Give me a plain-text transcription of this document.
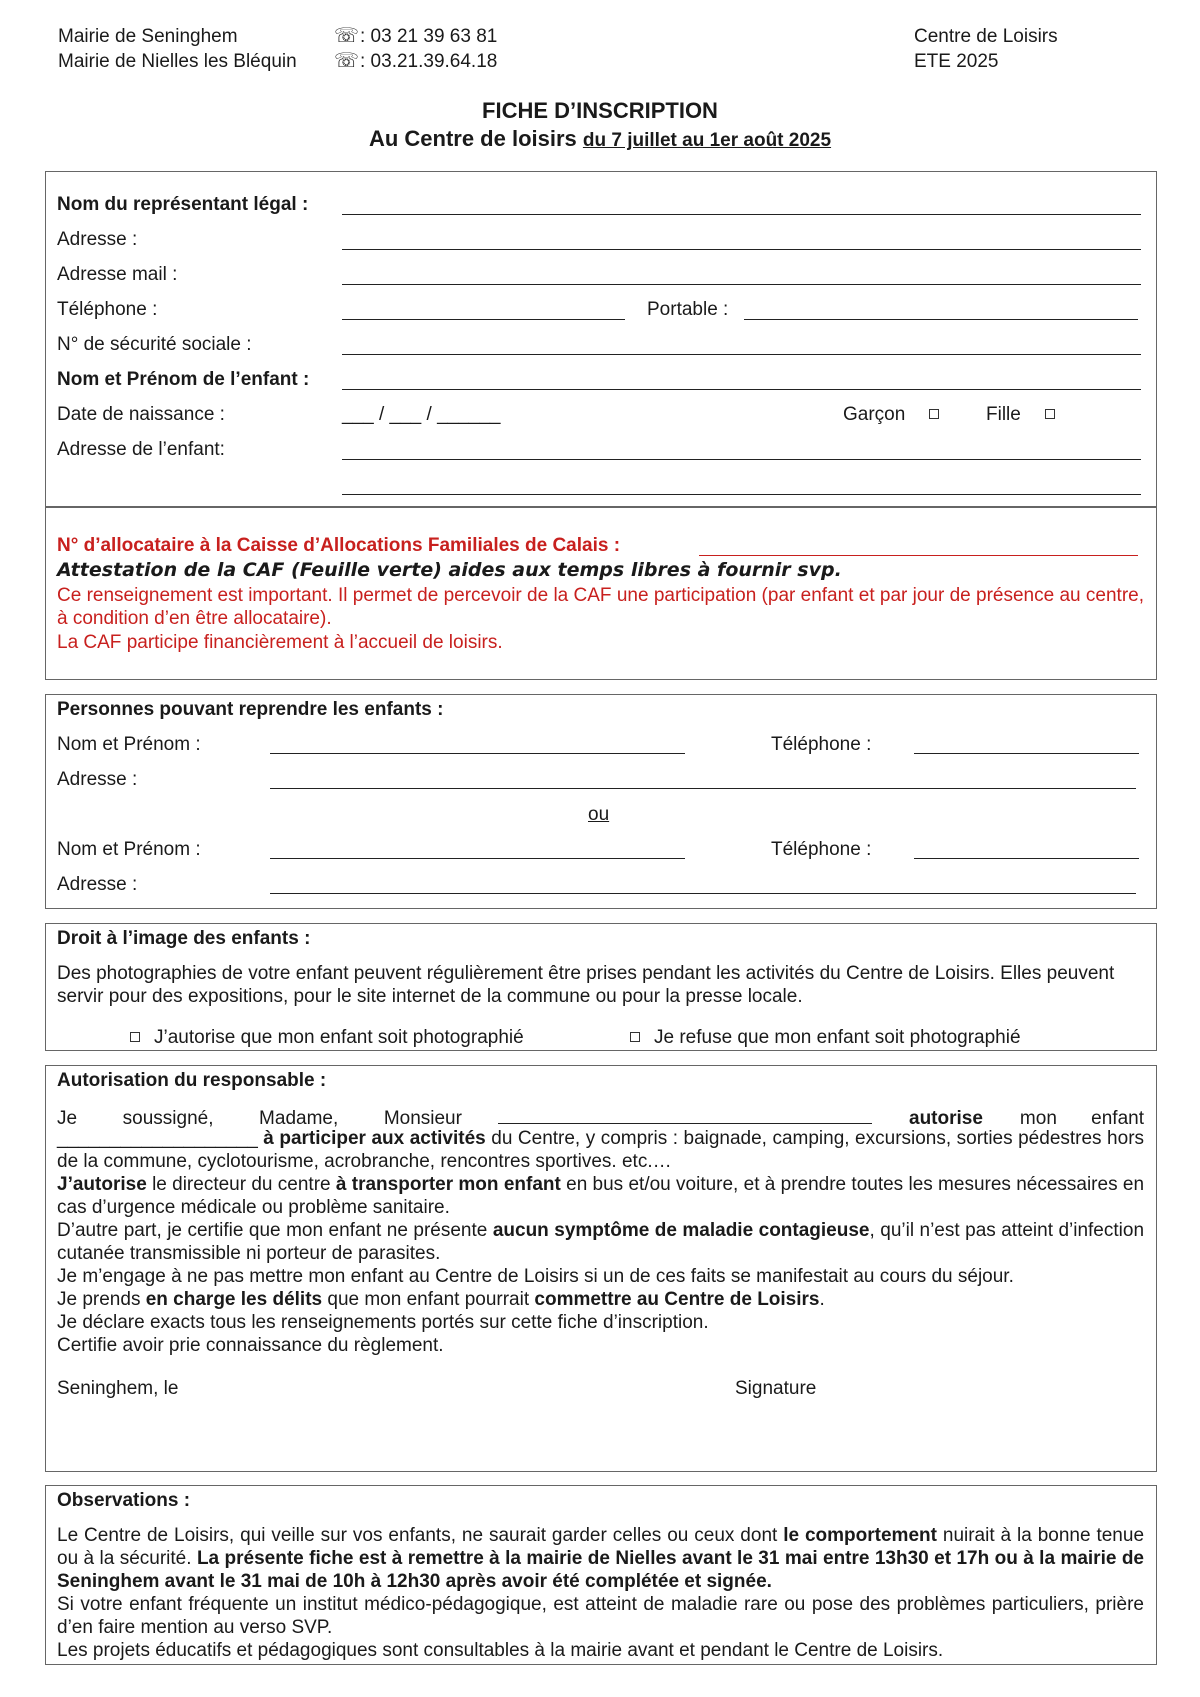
Mairie de Seninghem
Mairie de Nielles les Bléquin
☏: 03 21 39 63 81
☏: 03.21.39.64.18
Centre de Loisirs
ETE 2025
FICHE D’INSCRIPTION
Au Centre de loisirs du 7 juillet au 1er août 2025
Nom du représentant légal :
Adresse :
Adresse mail :
Téléphone :	Portable :
N° de sécurité sociale :
Nom et Prénom de l’enfant :
Date de naissance :	___ / ___ / ______	Garçon	Fille
Adresse de l’enfant:
N° d’allocataire à la Caisse d’Allocations Familiales de Calais :
Attestation de la CAF (Feuille verte) aides aux temps libres à fournir svp.
Ce renseignement est important. Il permet de percevoir de la CAF une participation (par enfant et par jour de présence au centre, à condition d’en être allocataire).
La CAF participe financièrement à l’accueil de loisirs.
Personnes pouvant reprendre les enfants :
Nom et Prénom :	Téléphone :
Adresse :
ou
Nom et Prénom :	Téléphone :
Adresse :
Droit à l’image des enfants :
Des photographies de votre enfant peuvent régulièrement être prises pendant les activités du Centre de Loisirs. Elles peuvent servir pour des expositions, pour le site internet de la commune ou pour la presse locale.
J’autorise que mon enfant soit photographié	Je refuse que mon enfant soit photographié
Autorisation du responsable :
Je soussigné, Madame, Monsieur	autorise mon enfant
___________________ à participer aux activités du Centre, y compris : baignade, camping, excursions, sorties pédestres hors de la commune, cyclotourisme, acrobranche, rencontres sportives. etc.…
J’autorise le directeur du centre à transporter mon enfant en bus et/ou voiture, et à prendre toutes les mesures nécessaires en cas d’urgence médicale ou problème sanitaire.
D’autre part, je certifie que mon enfant ne présente aucun symptôme de maladie contagieuse, qu’il n’est pas atteint d’infection cutanée transmissible ni porteur de parasites.
Je m’engage à ne pas mettre mon enfant au Centre de Loisirs si un de ces faits se manifestait au cours du séjour.
Je prends en charge les délits que mon enfant pourrait commettre au Centre de Loisirs.
Je déclare exacts tous les renseignements portés sur cette fiche d’inscription.
Certifie avoir prie connaissance du règlement.
Seninghem, le	Signature
Observations :
Le Centre de Loisirs, qui veille sur vos enfants, ne saurait garder celles ou ceux dont le comportement nuirait à la bonne tenue ou à la sécurité. La présente fiche est à remettre à la mairie de Nielles avant le 31 mai entre 13h30 et 17h ou à la mairie de Seninghem avant le 31 mai de 10h à 12h30 après avoir été complétée et signée.
Si votre enfant fréquente un institut médico-pédagogique, est atteint de maladie rare ou pose des problèmes particuliers, prière d’en faire mention au verso SVP.
Les projets éducatifs et pédagogiques sont consultables à la mairie avant et pendant le Centre de Loisirs.
